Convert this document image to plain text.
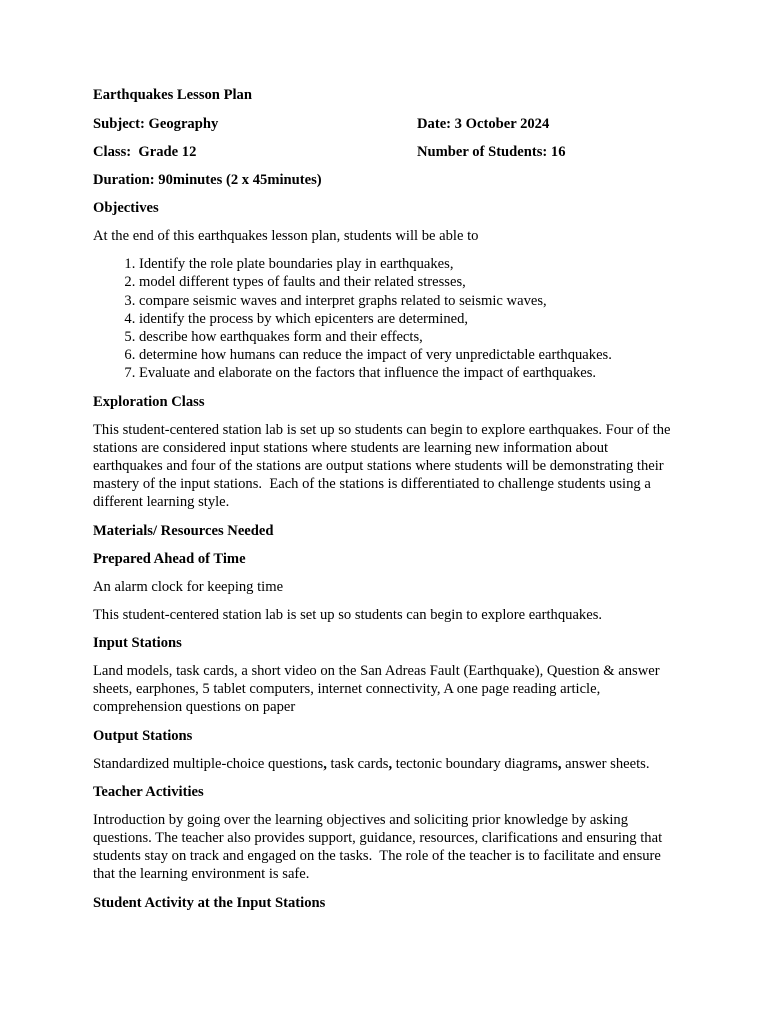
Earthquakes Lesson Plan
Subject: Geography	Date: 3 October 2024
Class:  Grade 12	Number of Students: 16
Duration: 90minutes (2 x 45minutes)
Objectives
At the end of this earthquakes lesson plan, students will be able to
1. Identify the role plate boundaries play in earthquakes,
2. model different types of faults and their related stresses,
3. compare seismic waves and interpret graphs related to seismic waves,
4. identify the process by which epicenters are determined,
5. describe how earthquakes form and their effects,
6. determine how humans can reduce the impact of very unpredictable earthquakes.
7. Evaluate and elaborate on the factors that influence the impact of earthquakes.
Exploration Class
This student-centered station lab is set up so students can begin to explore earthquakes. Four of the stations are considered input stations where students are learning new information about earthquakes and four of the stations are output stations where students will be demonstrating their mastery of the input stations.  Each of the stations is differentiated to challenge students using a different learning style.
Materials/ Resources Needed
Prepared Ahead of Time
An alarm clock for keeping time
This student-centered station lab is set up so students can begin to explore earthquakes.
Input Stations
Land models, task cards, a short video on the San Adreas Fault (Earthquake), Question & answer sheets, earphones, 5 tablet computers, internet connectivity, A one page reading article, comprehension questions on paper
Output Stations
Standardized multiple-choice questions, task cards, tectonic boundary diagrams, answer sheets.
Teacher Activities
Introduction by going over the learning objectives and soliciting prior knowledge by asking questions. The teacher also provides support, guidance, resources, clarifications and ensuring that students stay on track and engaged on the tasks.  The role of the teacher is to facilitate and ensure that the learning environment is safe.
Student Activity at the Input Stations
